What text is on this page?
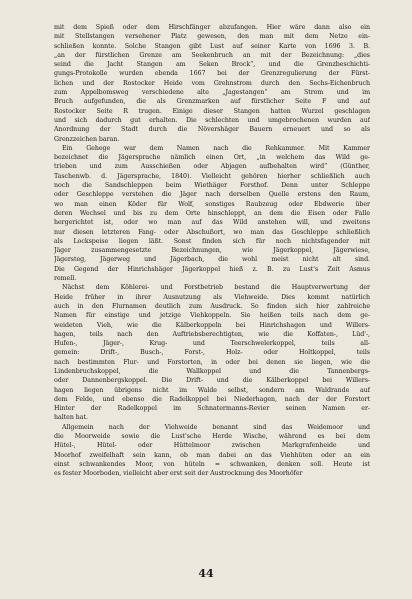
mit dem Spieß oder dem Hirschfänger abzufangen. Hier wäre dann also ein
mit Stellstangen versehener Platz gewesen, den man mit dem Netze ein-
schließen konnte. Solche Stangen gibt Lust auf seiner Karte von 1696 3. B.
„an der fürstlichen Grenze am Seekenbruch an mit der Bezeichnung: „dies
seind die Jacht Stangen am Seken Brock“, und die Grenzbeschichti-
gungs-Protokolle wurden ebenda 1667 bei der Grenzregulierung der Fürst-
lichen und der Rostocker Heide vom Grehnstrom durch den Sechs-Eichenbruch
zum Appelbomsweg verschiedene alte „Jagestangen“ am Strom und im
Bruch aufgefunden, die als Grenzmarken auf fürstlicher Seite F und auf
Rostocker Seite R trugen. Einige dieser Stangen hatten Wurzel geschlagen
und sich dadurch gut erhalten. Die schlechten und umgebrochenen wurden auf
Anordnung der Stadt durch die Növershäger Bauern erneuert und so als
Grenzzeichen baran.
Ein Gehege war dem Namen nach die Rehkammer. Mit Kammer
bezeichnet die Jägersprache nämlich einen Ort, „in welchem das Wild ge-
trieben und zum Ausschießen oder Abjagen aufbehalten wird“ (Günther,
Taschenwb. d. Jägersprache, 1840). Vielleicht gehören hierher schließlich auch
noch die Sandschleppen beim Wiethäger Forsthof. Denn unter Schleppe
oder Geschleppe verstehen die Jäger nach derselben Quelle erstens den Raum,
wo man einen Köder für Wolf, sonstiges Raubzeug oder Ebdwerie über
deren Wechsel und bis zu dem Orte hinschleppt, an dem die Eisen oder Falle
hergerichtet ist, oder wo man auf das Wild anstehen will, und zweitens
nur diesen letzteren Fang- oder Abschußort, wo man das Geschleppe schließlich
als Lockspeise liegen läßt. Sonst finden sich für noch nichtsfagender mit
Jäger zusammengesetzte Bezeichnungen, wie Jägerkoppel, Jägerwiese,
Jägersteg, Jägerweg und Jägerbach, die wohl meist nicht alt sind.
Die Gegend der Hinrichshäger Jägerkoppel hieß z. B. zu Lust's Zeit Asmus
remell.
Nächst dem Köhlerei- und Forstbetrieb bestand die Hauptverwertung der
Heide früher in ihrer Ausnutzung als Viehweide. Dies kommt natürlich
auch in den Flurnamen deutlich zum Ausdruck. So finden sich hier zahlreiche
Namen für einstige und jetzige Viehkoppeln. Sie heißen teils nach dem ge-
weideten Vieh, wie die Kälberkoppeln bei Hinrichshagen und Willers-
hagen, teils nach den Auftriebsberechtigten, wie die Koffaten-, Lüd'-,
Hufen-, Jäger-, Krug- und Teerschwelerkoppel, teils all-
gemein: Drift-, Busch-, Forst-, Holz- oder Holtkoppel, teils
nach bestimmten Flur- und Forstorten, in oder bei denen sie liegen, wie die
Lindenbruchskoppel, die Wallkoppel und die Tannenbergs-
oder Dannenbergskoppel. Die Drift- und die Kälberkoppel bei Willers-
hagen liegen übrigens nicht im Walde selbst, sondern am Waldrande auf
dem Felde, und ebenso die Radelkoppel bei Niederhagen, nach der der Forstort
Hinter der Radelkoppel im Schnatermanns-Revier seinen Namen er-
halten hat.
Allgemein nach der Viehweide benannt sind das Weidemoor und
die Moorweide sowie die Lust'sche Herde Wische, während es bei dem
Hütel-, Hütel- oder Hüttelmoor zwischen Markgrafenheide und
Moorhof zweifelhaft sein kann, ob man dabei an das Viehhüten oder an ein
einst schwankendes Moor, von hüteln = schwanken, denken soll. Heute ist
es fester Moorboden, vielleicht aber erst seit der Austrocknung des Moorhöfer
44
